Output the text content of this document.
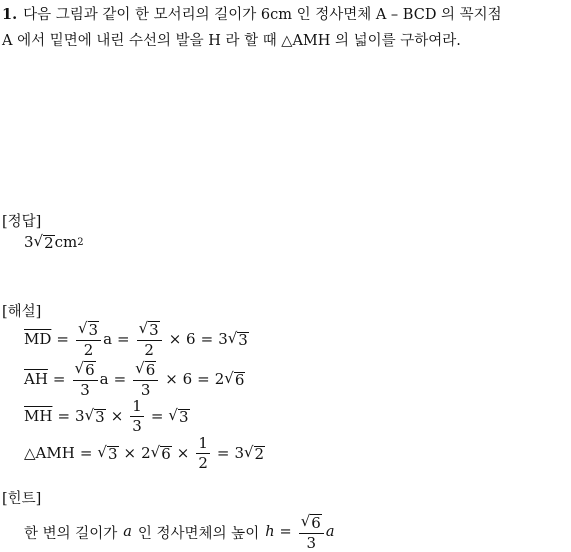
1. 다음 그림과 같이 한 모서리의 길이가 6cm 인 정사면체 A – BCD 의 꼭지점
A 에서 밑면에 내린 수선의 발을 H 라 할 때 △AMH 의 넓이를 구하여라.
[정답]
3 √ 2 cm 2
[해설]
$\overline{MD} = \frac{√ 3}{2}$ $a = \frac{√ 3}{2} \times 6 = 3$ √ 3
$\overline{AH} = \frac{√ 6}{3}$ $a = \frac{√ 6}{3} \times 6 = 2$ √ 6
$\overline{MH} = 3$ √ $3 \times \frac{1}{3}$ = √ 3
△AMH = √ 3 × 2 √ $6 \times \frac{1}{2} = 3$ √ 2
[힌트]
한 변의 길이가 a 인 정사면체의 높이 $h = \frac{√ 6}{3}$ a
